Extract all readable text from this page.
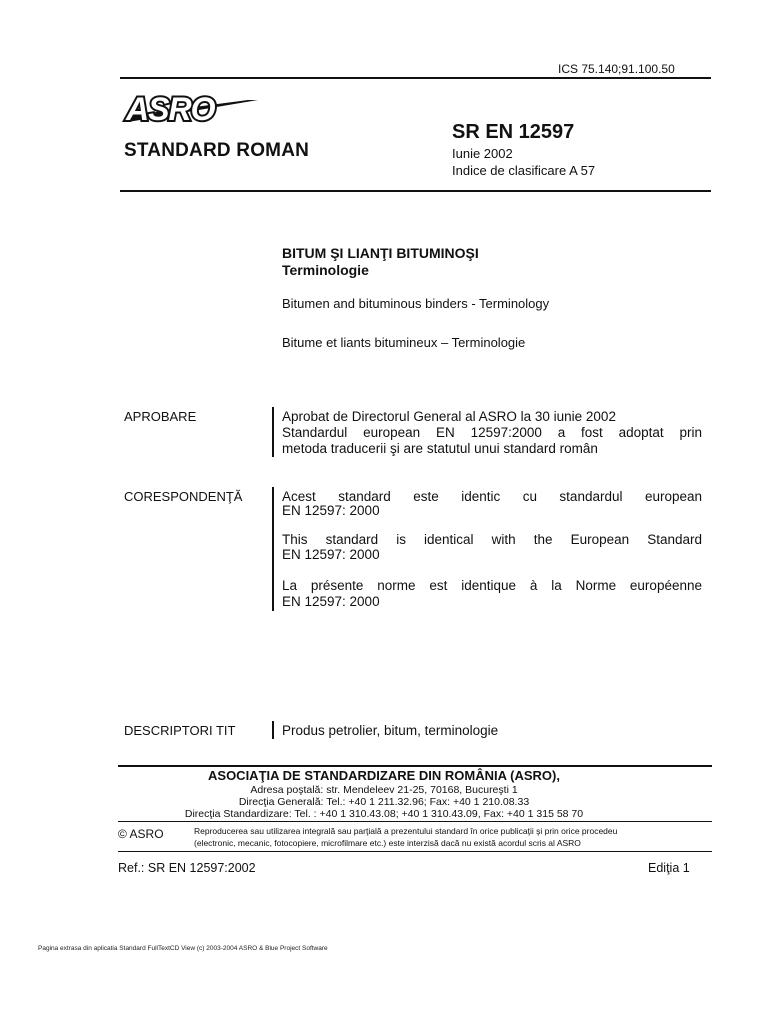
ICS 75.140;91.100.50
ASRO
STANDARD ROMAN
SR EN 12597
Iunie 2002
Indice de clasificare A 57
BITUM ŞI LIANŢI BITUMINOŞI
Terminologie
Bitumen and bituminous binders - Terminology
Bitume et liants bitumineux – Terminologie
APROBARE	Aprobat de Directorul General al ASRO la 30 iunie 2002
Standardul european EN 12597:2000 a fost adoptat prin
metoda traducerii şi are statutul unui standard român
CORESPONDENŢĂ	Acest standard este identic cu standardul european
EN 12597: 2000
This standard is identical with the European Standard
EN 12597: 2000
La présente norme est identique à la Norme européenne
EN 12597: 2000
DESCRIPTORI TIT	Produs petrolier, bitum, terminologie
ASOCIAŢIA DE STANDARDIZARE DIN ROMÂNIA (ASRO),
Adresa poştală: str. Mendeleev 21-25, 70168, Bucureşti 1
Direcţia Generală: Tel.: +40 1 211.32.96; Fax: +40 1 210.08.33
Direcţia Standardizare: Tel. : +40 1 310.43.08; +40 1 310.43.09, Fax: +40 1 315 58 70
© ASRO	Reproducerea sau utilizarea integrală sau parţială a prezentului standard în orice publicaţii şi prin orice procedeu
(electronic, mecanic, fotocopiere, microfilmare etc.) este interzisă dacă nu există acordul scris al ASRO
Ref.: SR EN 12597:2002	Ediţia 1
Pagina extrasa din aplicatia Standard FullTextCD View (c) 2003-2004 ASRO & Blue Project Software
